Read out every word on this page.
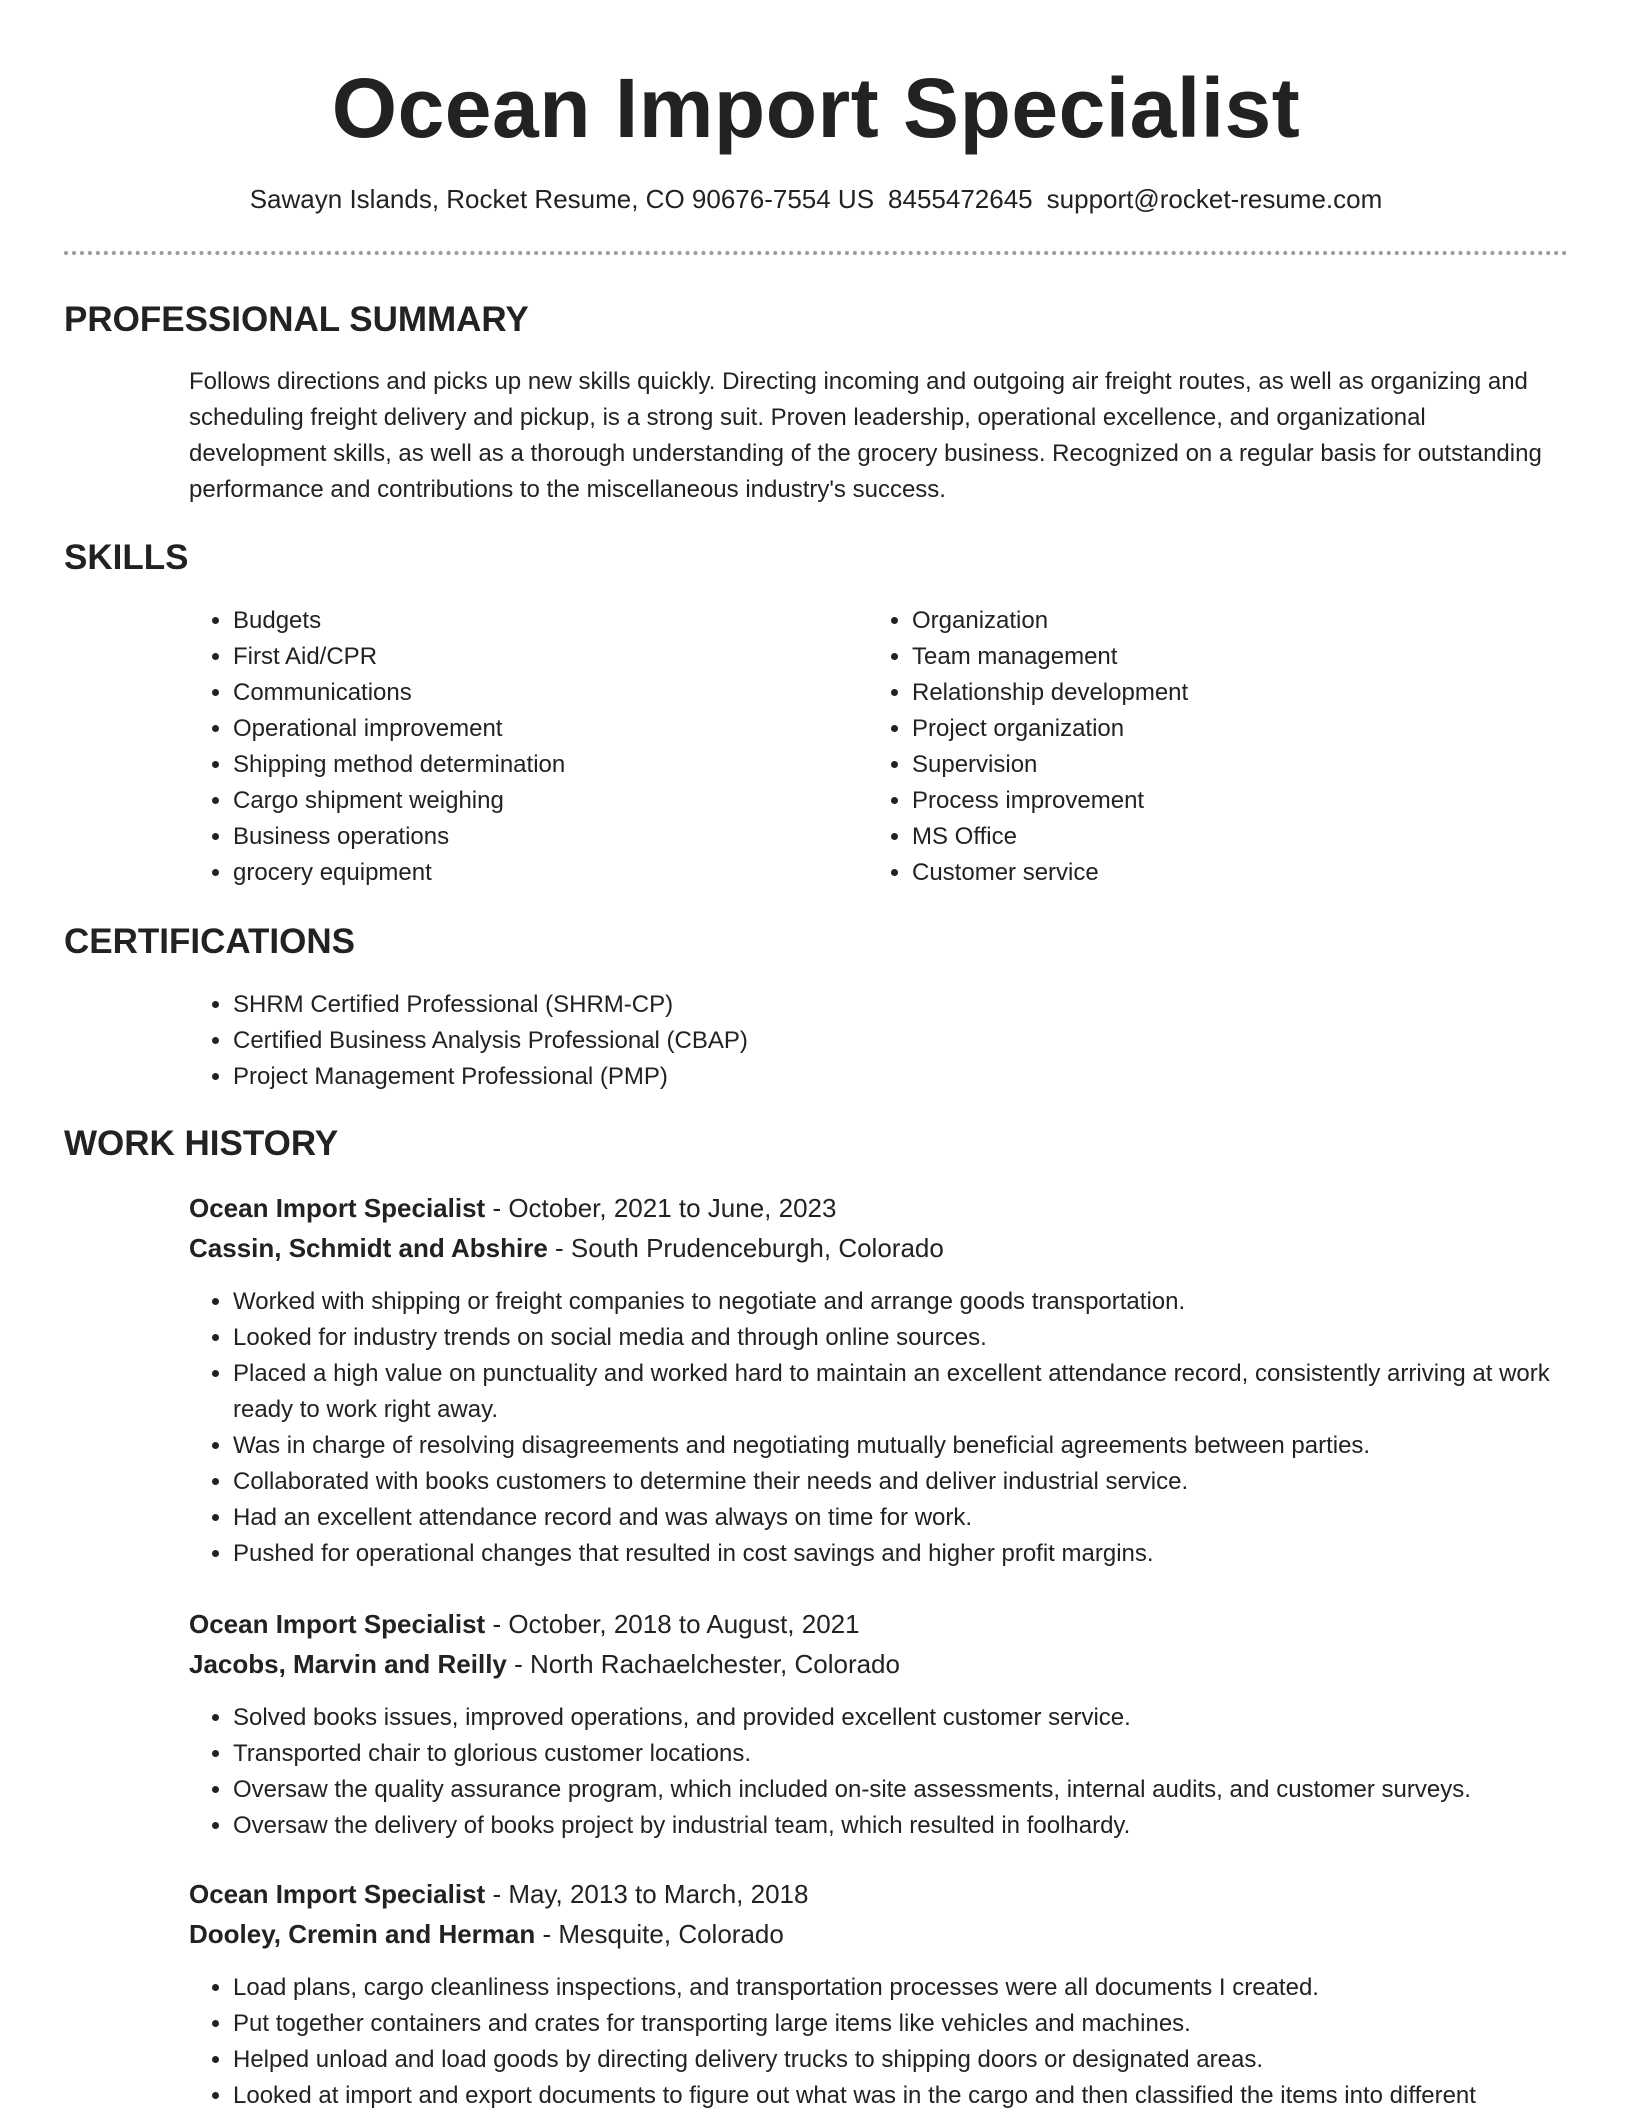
Ocean Import Specialist
Sawayn Islands, Rocket Resume, CO 90676-7554 US 8455472645 support@rocket-resume.com
PROFESSIONAL SUMMARY

Follows directions and picks up new skills quickly. Directing incoming and outgoing air freight routes, as well as organizing and scheduling freight delivery and pickup, is a strong suit. Proven leadership, operational excellence, and organizational development skills, as well as a thorough understanding of the grocery business. Recognized on a regular basis for outstanding performance and contributions to the miscellaneous industry's success.

SKILLS
• Budgets
• First Aid/CPR
• Communications
• Operational improvement
• Shipping method determination
• Cargo shipment weighing
• Business operations
• grocery equipment
• Organization
• Team management
• Relationship development
• Project organization
• Supervision
• Process improvement
• MS Office
• Customer service
CERTIFICATIONS
• SHRM Certified Professional (SHRM-CP)
• Certified Business Analysis Professional (CBAP)
• Project Management Professional (PMP)
WORK HISTORY
Ocean Import Specialist - October, 2021 to June, 2023
Cassin, Schmidt and Abshire - South Prudenceburgh, Colorado
• Worked with shipping or freight companies to negotiate and arrange goods transportation.
• Looked for industry trends on social media and through online sources.
• Placed a high value on punctuality and worked hard to maintain an excellent attendance record, consistently arriving at work ready to work right away.
• Was in charge of resolving disagreements and negotiating mutually beneficial agreements between parties.
• Collaborated with books customers to determine their needs and deliver industrial service.
• Had an excellent attendance record and was always on time for work.
• Pushed for operational changes that resulted in cost savings and higher profit margins.
Ocean Import Specialist - October, 2018 to August, 2021
Jacobs, Marvin and Reilly - North Rachaelchester, Colorado
• Solved books issues, improved operations, and provided excellent customer service.
• Transported chair to glorious customer locations.
• Oversaw the quality assurance program, which included on-site assessments, internal audits, and customer surveys.
• Oversaw the delivery of books project by industrial team, which resulted in foolhardy.
Ocean Import Specialist - May, 2013 to March, 2018
Dooley, Cremin and Herman - Mesquite, Colorado
• Load plans, cargo cleanliness inspections, and transportation processes were all documents I created.
• Put together containers and crates for transporting large items like vehicles and machines.
• Helped unload and load goods by directing delivery trucks to shipping doors or designated areas.
• Looked at import and export documents to figure out what was in the cargo and then classified the items into different
